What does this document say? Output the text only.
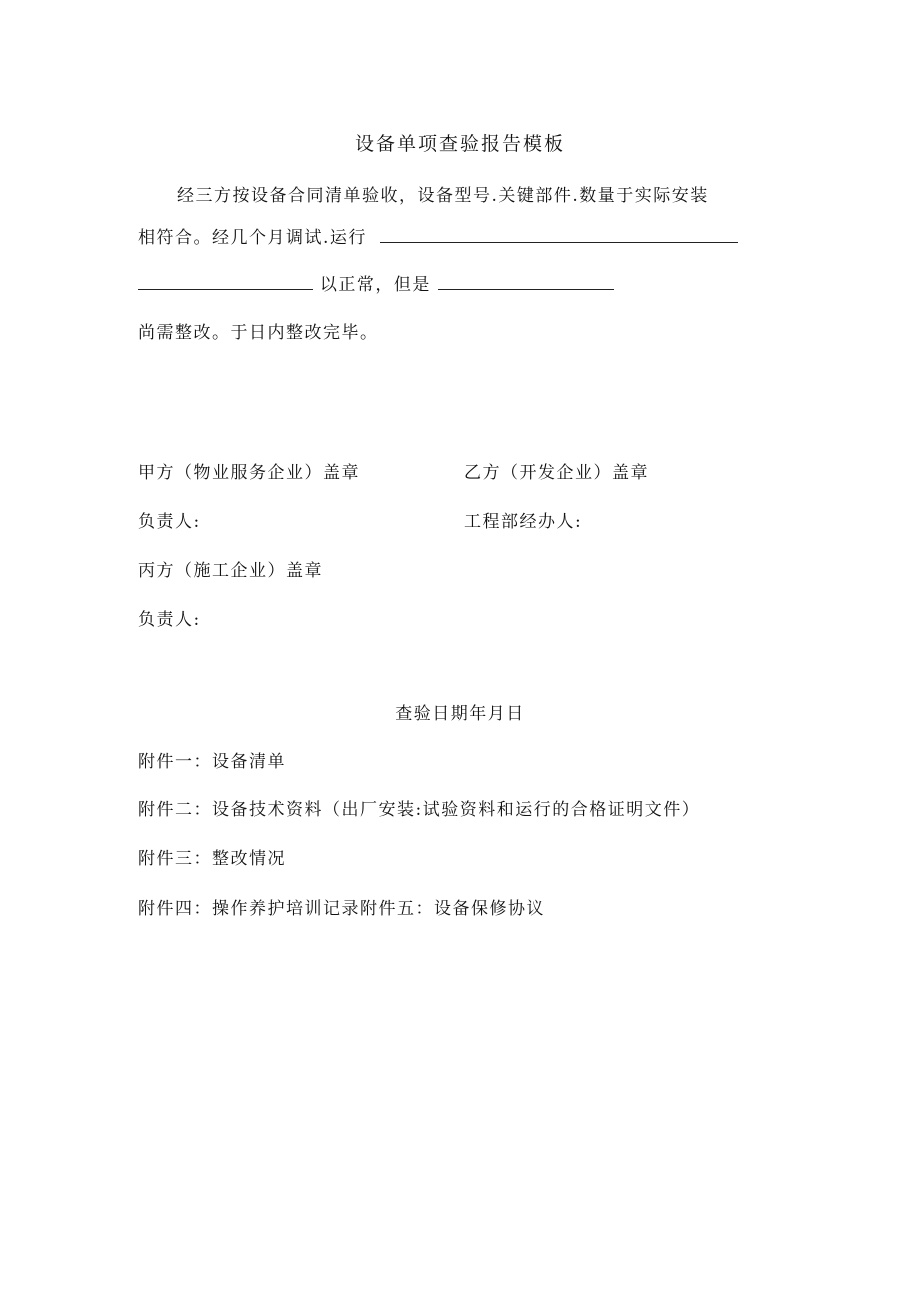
设备单项查验报告模板
经三方按设备合同清单验收，设备型号.关键部件.数量于实际安装
相符合。经几个月调试.运行
以正常，但是
尚需整改。于日内整改完毕。
甲方（物业服务企业）盖章	乙方（开发企业）盖章
负责人:	工程部经办人:
丙方（施工企业）盖章
负责人:
查验日期年月日
附件一：设备清单
附件二：设备技术资料（出厂安装:试验资料和运行的合格证明文件）
附件三：整改情况
附件四：操作养护培训记录附件五：设备保修协议
